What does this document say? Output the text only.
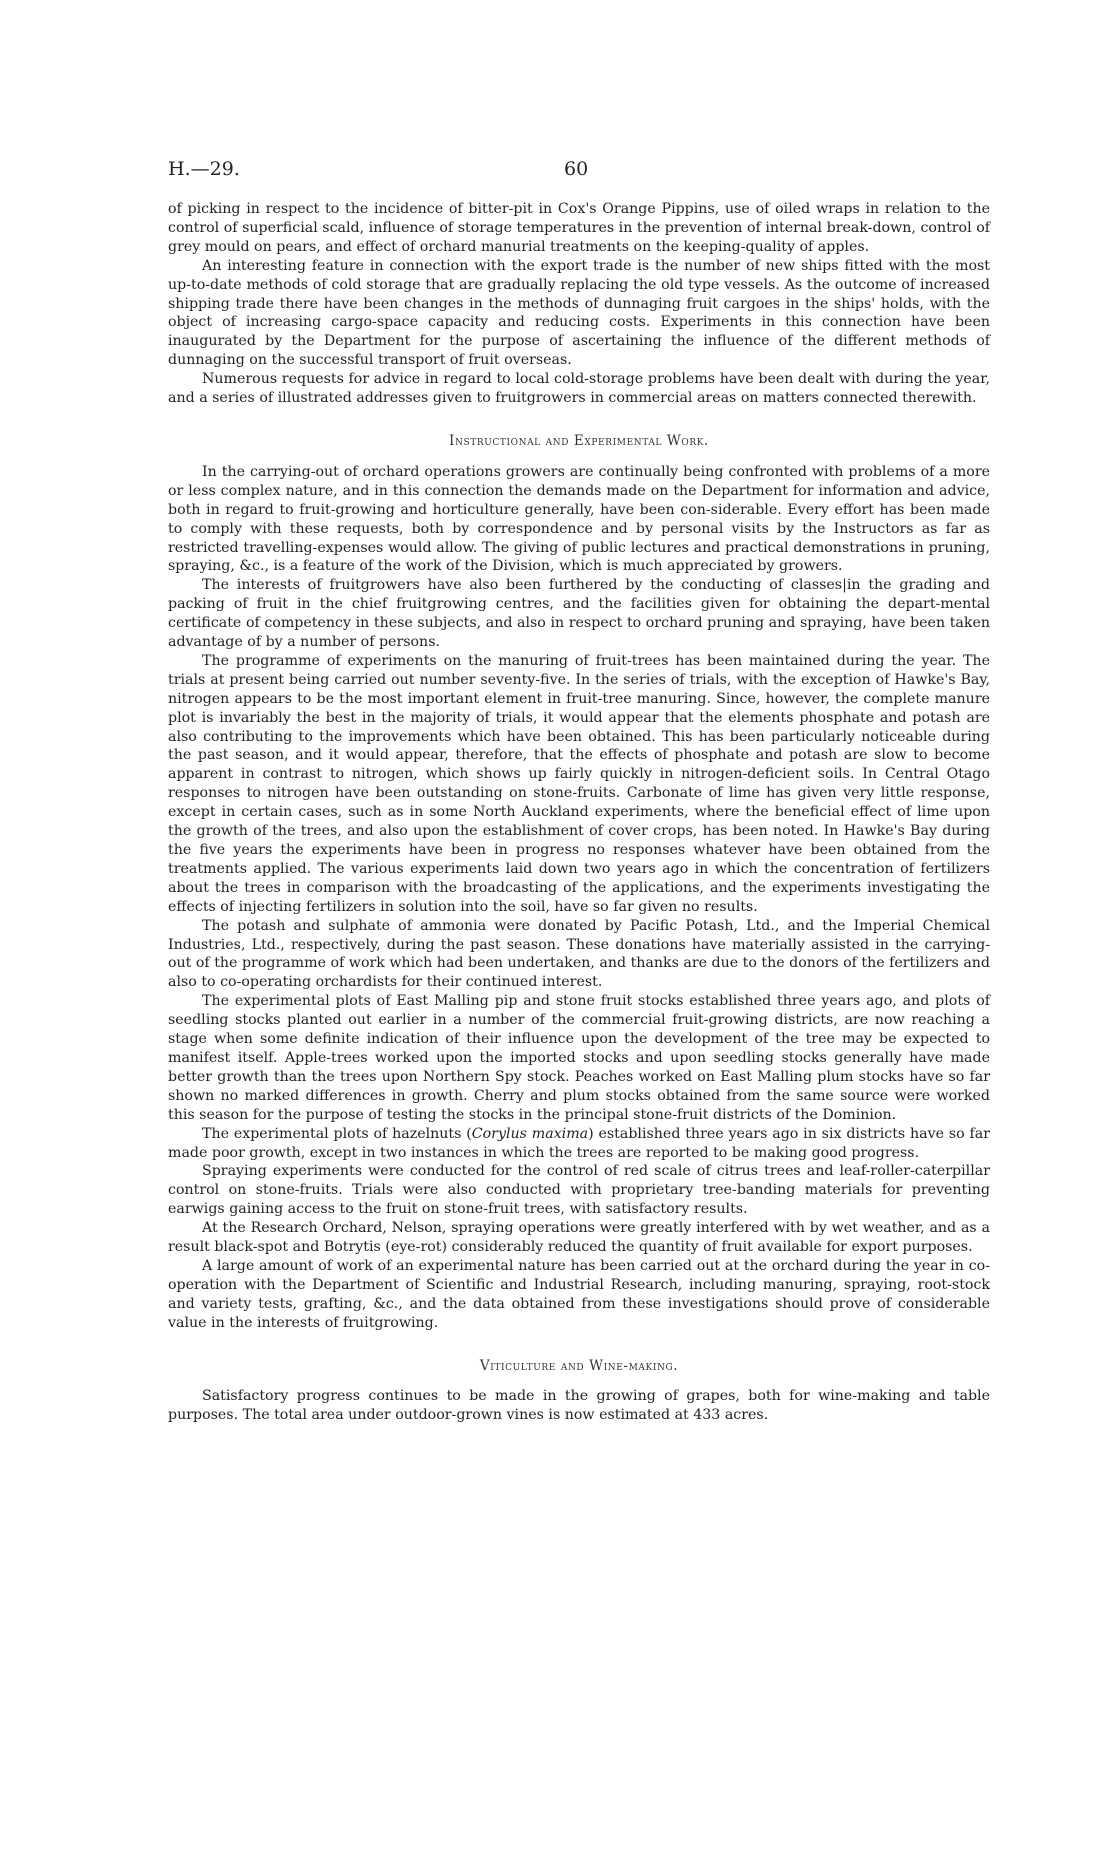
H.—29.	60

of picking in respect to the incidence of bitter-pit in Cox's Orange Pippins, use of oiled wraps in relation to the control of superficial scald, influence of storage temperatures in the prevention of internal break-down, control of grey mould on pears, and effect of orchard manurial treatments on the keeping-quality of apples.

An interesting feature in connection with the export trade is the number of new ships fitted with the most up-to-date methods of cold storage that are gradually replacing the old type vessels. As the outcome of increased shipping trade there have been changes in the methods of dunnaging fruit cargoes in the ships' holds, with the object of increasing cargo-space capacity and reducing costs. Experiments in this connection have been inaugurated by the Department for the purpose of ascertaining the influence of the different methods of dunnaging on the successful transport of fruit overseas.

Numerous requests for advice in regard to local cold-storage problems have been dealt with during the year, and a series of illustrated addresses given to fruitgrowers in commercial areas on matters connected therewith.

Instructional and Experimental Work.

In the carrying-out of orchard operations growers are continually being confronted with problems of a more or less complex nature, and in this connection the demands made on the Department for information and advice, both in regard to fruit-growing and horticulture generally, have been con-siderable. Every effort has been made to comply with these requests, both by correspondence and by personal visits by the Instructors as far as restricted travelling-expenses would allow. The giving of public lectures and practical demonstrations in pruning, spraying, &c., is a feature of the work of the Division, which is much appreciated by growers.

The interests of fruitgrowers have also been furthered by the conducting of classes|in the grading and packing of fruit in the chief fruitgrowing centres, and the facilities given for obtaining the depart-mental certificate of competency in these subjects, and also in respect to orchard pruning and spraying, have been taken advantage of by a number of persons.

The programme of experiments on the manuring of fruit-trees has been maintained during the year. The trials at present being carried out number seventy-five. In the series of trials, with the exception of Hawke's Bay, nitrogen appears to be the most important element in fruit-tree manuring. Since, however, the complete manure plot is invariably the best in the majority of trials, it would appear that the elements phosphate and potash are also contributing to the improvements which have been obtained. This has been particularly noticeable during the past season, and it would appear, therefore, that the effects of phosphate and potash are slow to become apparent in contrast to nitrogen, which shows up fairly quickly in nitrogen-deficient soils. In Central Otago responses to nitrogen have been outstanding on stone-fruits. Carbonate of lime has given very little response, except in certain cases, such as in some North Auckland experiments, where the beneficial effect of lime upon the growth of the trees, and also upon the establishment of cover crops, has been noted. In Hawke's Bay during the five years the experiments have been in progress no responses whatever have been obtained from the treatments applied. The various experiments laid down two years ago in which the concentration of fertilizers about the trees in comparison with the broadcasting of the applications, and the experiments investigating the effects of injecting fertilizers in solution into the soil, have so far given no results.

The potash and sulphate of ammonia were donated by Pacific Potash, Ltd., and the Imperial Chemical Industries, Ltd., respectively, during the past season. These donations have materially assisted in the carrying-out of the programme of work which had been undertaken, and thanks are due to the donors of the fertilizers and also to co-operating orchardists for their continued interest.

The experimental plots of East Malling pip and stone fruit stocks established three years ago, and plots of seedling stocks planted out earlier in a number of the commercial fruit-growing districts, are now reaching a stage when some definite indication of their influence upon the development of the tree may be expected to manifest itself. Apple-trees worked upon the imported stocks and upon seedling stocks generally have made better growth than the trees upon Northern Spy stock. Peaches worked on East Malling plum stocks have so far shown no marked differences in growth. Cherry and plum stocks obtained from the same source were worked this season for the purpose of testing the stocks in the principal stone-fruit districts of the Dominion.

The experimental plots of hazelnuts (Corylus maxima) established three years ago in six districts have so far made poor growth, except in two instances in which the trees are reported to be making good progress.

Spraying experiments were conducted for the control of red scale of citrus trees and leaf-roller-caterpillar control on stone-fruits. Trials were also conducted with proprietary tree-banding materials for preventing earwigs gaining access to the fruit on stone-fruit trees, with satisfactory results.

At the Research Orchard, Nelson, spraying operations were greatly interfered with by wet weather, and as a result black-spot and Botrytis (eye-rot) considerably reduced the quantity of fruit available for export purposes.

A large amount of work of an experimental nature has been carried out at the orchard during the year in co-operation with the Department of Scientific and Industrial Research, including manuring, spraying, root-stock and variety tests, grafting, &c., and the data obtained from these investigations should prove of considerable value in the interests of fruitgrowing.

Viticulture and Wine-making.

Satisfactory progress continues to be made in the growing of grapes, both for wine-making and table purposes. The total area under outdoor-grown vines is now estimated at 433 acres.
